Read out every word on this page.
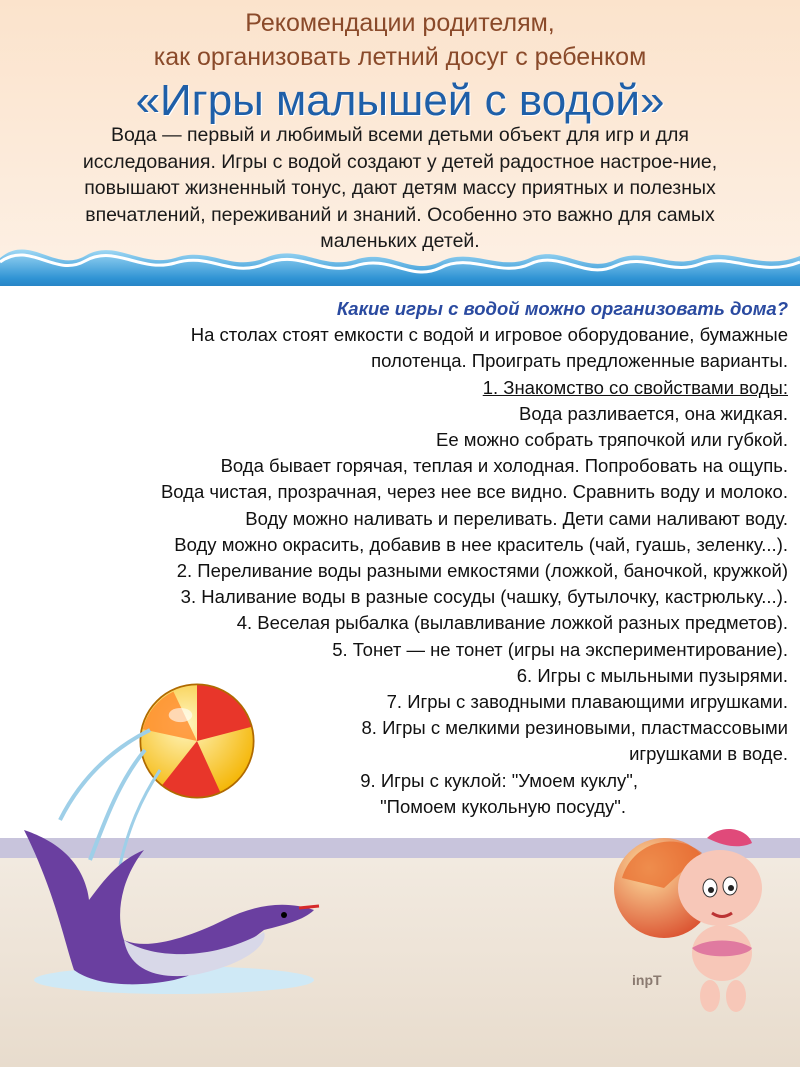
Рекомендации родителям,
как организовать летний досуг с ребенком
«Игры малышей с водой»
Вода — первый и любимый всеми детьми объект для игр и для
исследования. Игры с водой создают у детей радостное настрое-ние,
повышают жизненный тонус, дают детям массу приятных и полезных
впечатлений, переживаний и знаний. Особенно это важно для самых
маленьких детей.
Какие игры с водой можно организовать дома?
На столах стоят емкости с водой и игровое оборудование, бумажные
полотенца. Проиграть предложенные варианты.
1. Знакомство со свойствами воды:
Вода разливается, она жидкая.
Ее можно собрать тряпочкой или губкой.
Вода бывает горячая, теплая и холодная. Попробовать на ощупь.
Вода чистая, прозрачная, через нее все видно. Сравнить воду и молоко.
Воду можно наливать и переливать. Дети сами наливают воду.
Воду можно окрасить, добавив в нее краситель (чай, гуашь, зеленку...).
2. Переливание воды разными емкостями (ложкой, баночкой, кружкой)
3. Наливание воды в разные сосуды (чашку, бутылочку, кастрюльку...).
4. Веселая рыбалка (вылавливание ложкой разных предметов).
5. Тонет — не тонет (игры на экспериментирование).
6. Игры с мыльными пузырями.
7. Игры с заводными плавающими игрушками.
8. Игры с мелкими резиновыми, пластмассовыми
игрушками в воде.
9. Игры с куклой: "Умоем куклу",
"Помоем кукольную посуду".
inpT
